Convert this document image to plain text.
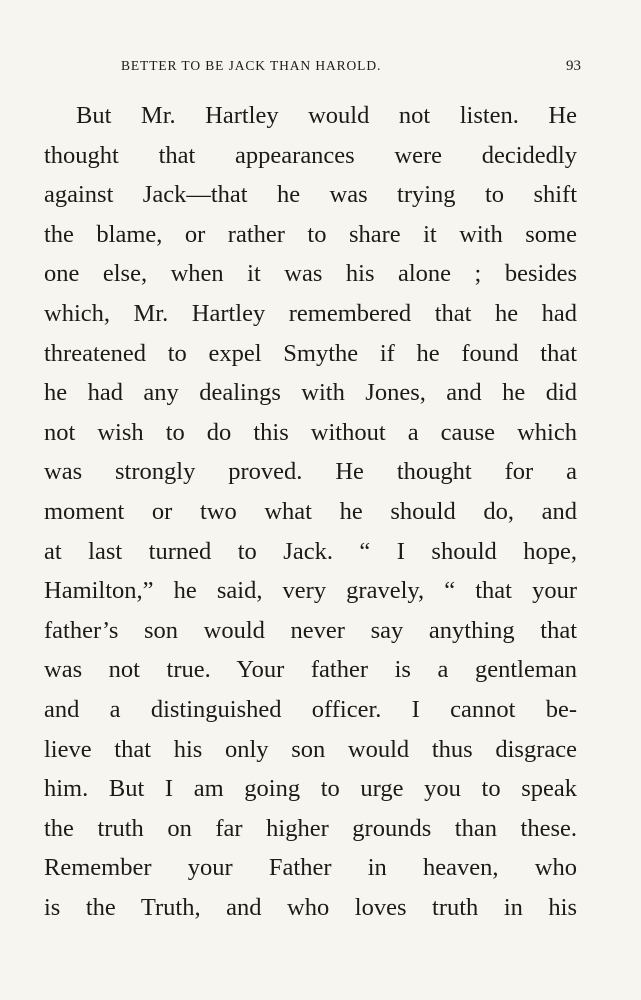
BETTER TO BE JACK THAN HAROLD.	93
But Mr. Hartley would not listen. He
thought that appearances were decidedly
against Jack—that he was trying to shift
the blame, or rather to share it with some
one else, when it was his alone ; besides
which, Mr. Hartley remembered that he had
threatened to expel Smythe if he found that
he had any dealings with Jones, and he did
not wish to do this without a cause which
was strongly proved. He thought for a
moment or two what he should do, and
at last turned to Jack. “ I should hope,
Hamilton,” he said, very gravely, “ that your
father’s son would never say anything that
was not true. Your father is a gentleman
and a distinguished officer. I cannot be-
lieve that his only son would thus disgrace
him. But I am going to urge you to speak
the truth on far higher grounds than these.
Remember your Father in heaven, who
is the Truth, and who loves truth in his
